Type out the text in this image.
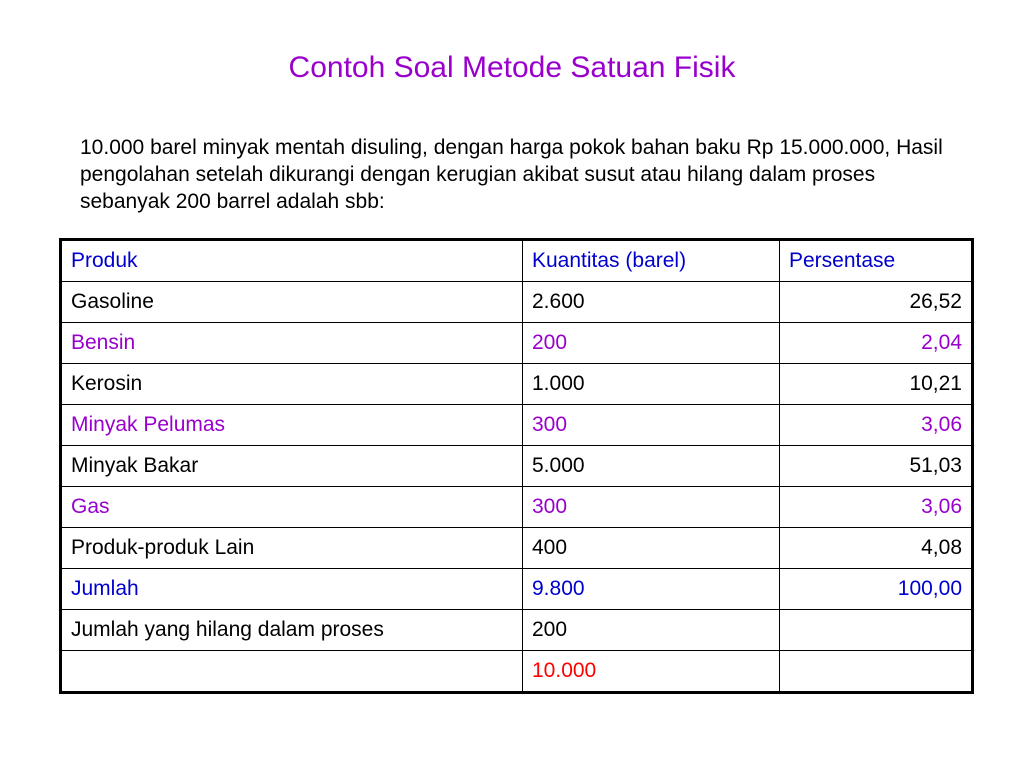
Contoh Soal Metode Satuan Fisik

10.000 barel minyak mentah disuling, dengan harga pokok bahan baku Rp 15.000.000, Hasil pengolahan setelah dikurangi dengan kerugian akibat susut atau hilang dalam proses sebanyak 200 barrel adalah sbb:

Produk	Kuantitas (barel)	Persentase
Gasoline	2.600	26,52
Bensin	200	2,04
Kerosin	1.000	10,21
Minyak Pelumas	300	3,06
Minyak Bakar	5.000	51,03
Gas	300	3,06
Produk-produk Lain	400	4,08
Jumlah	9.800	100,00
Jumlah yang hilang dalam proses	200	
	10.000	
